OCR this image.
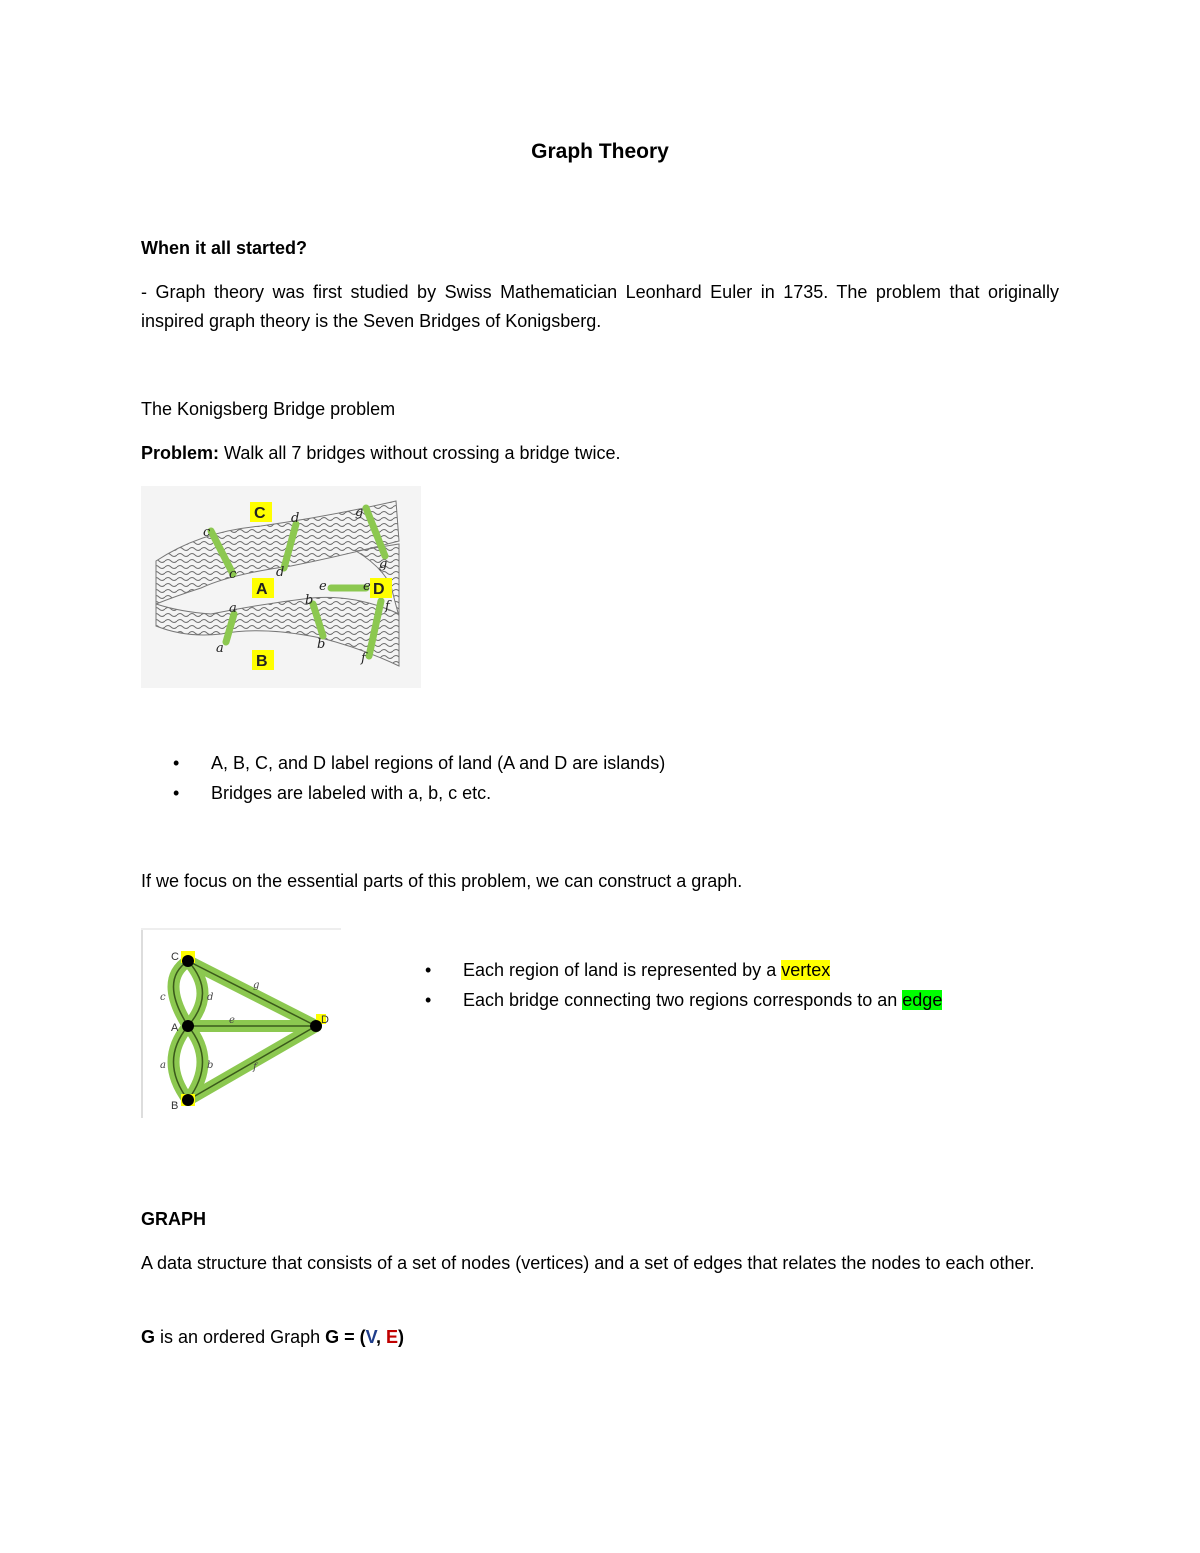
Graph Theory
When it all started?
- Graph theory was first studied by Swiss Mathematician Leonhard Euler in 1735. The problem that originally inspired graph theory is the Seven Bridges of Konigsberg.
The Konigsberg Bridge problem
Problem: Walk all 7 bridges without crossing a bridge twice.
C
A	D
B
c
d	g
c	d
g
e	e
a
b	f
a	b
f
• A, B, C, and D label regions of land (A and D are islands)
• Bridges are labeled with a, b, c etc.
If we focus on the essential parts of this problem, we can construct a graph.
C
A
B
D
c	d
g
e
a	b	f
• Each region of land is represented by a vertex
• Each bridge connecting two regions corresponds to an edge
GRAPH
A data structure that consists of a set of nodes (vertices) and a set of edges that relates the nodes to each other.
G is an ordered Graph G = (V, E)
